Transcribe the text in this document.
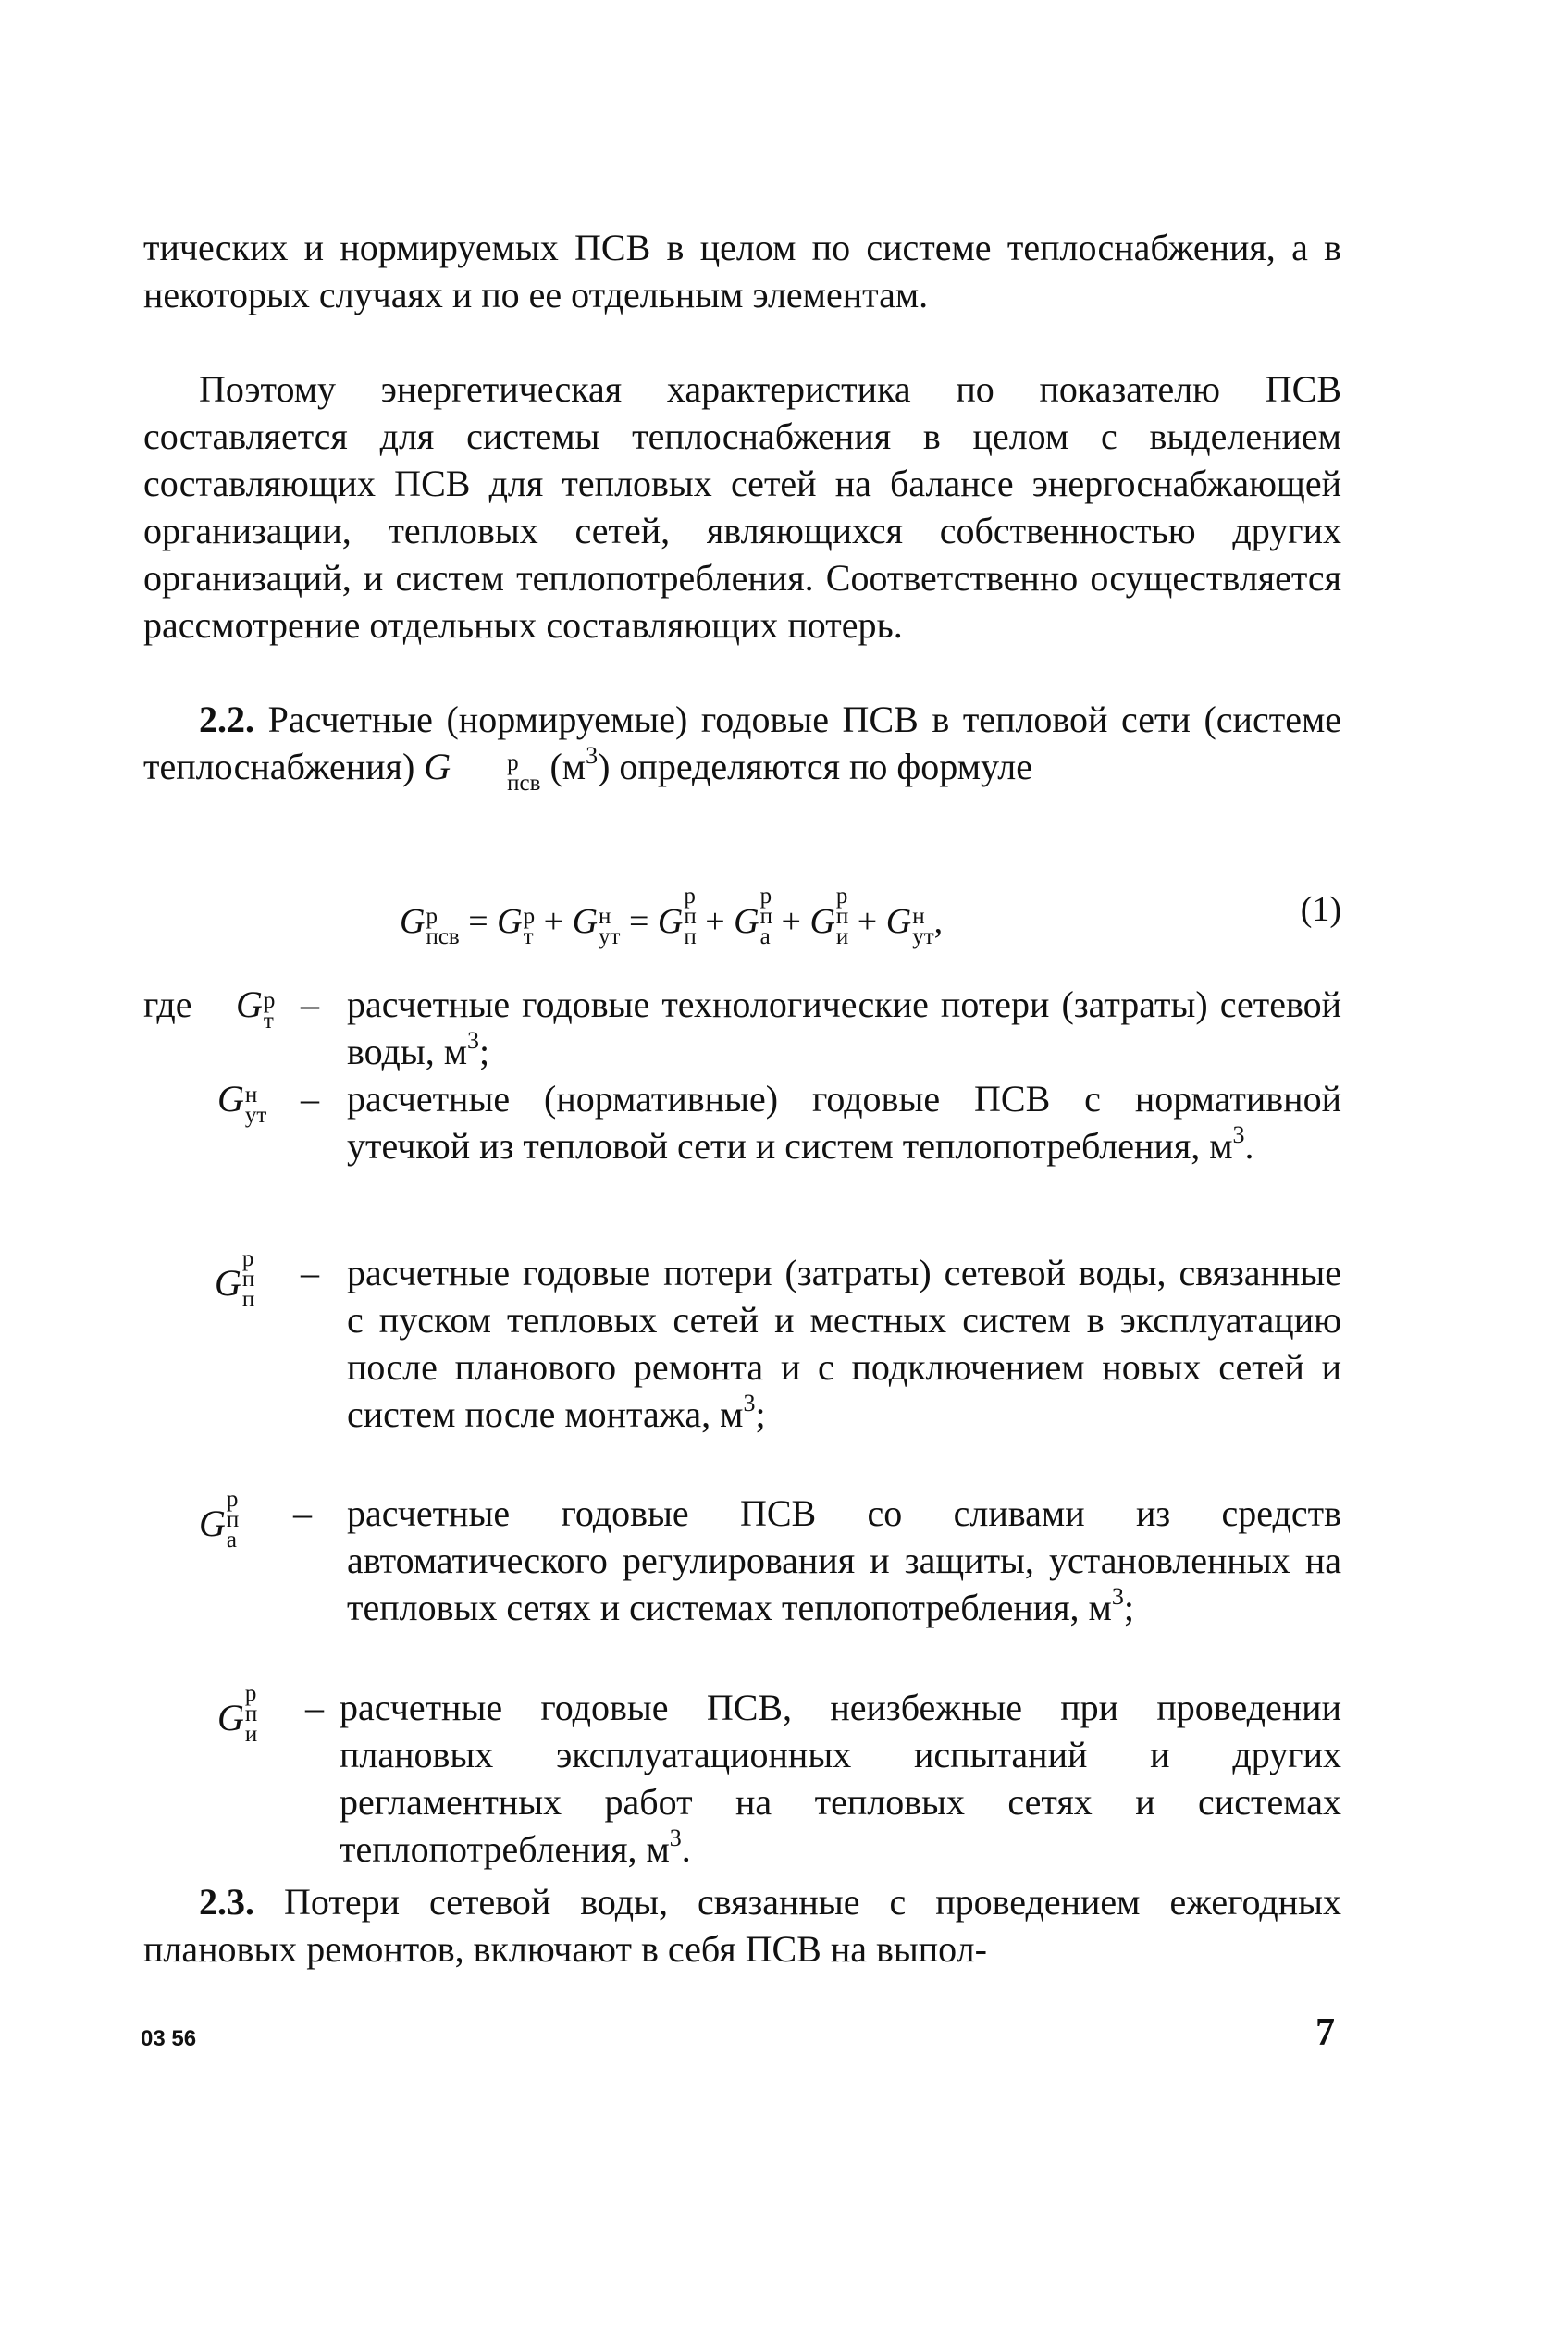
тических и нормируемых ПСВ в целом по системе теплоснабжения, а в некоторых случаях и по ее отдельным элементам.

Поэтому энергетическая характеристика по показателю ПСВ составляется для системы теплоснабжения в целом с выделением составляющих ПСВ для тепловых сетей на балансе энергоснабжающей организации, тепловых сетей, являющихся собственностью других организаций, и систем теплопотребления. Соответственно осуществляется рассмотрение отдельных составляющих потерь.

2.2. Расчетные (нормируемые) годовые ПСВ в тепловой сети (системе теплоснабжения) G	р
псв $(м^3)$ определяются по формуле

G р
псв = G р
т + G н
ут = G
р
п
п + G
р
п
а + G
р
п
и + G н
ут ,	(1)
где G р
т – расчетные годовые технологические потери (затраты) сетевой воды, $м^3$;
G н
ут – расчетные (нормативные) годовые ПСВ с нормативной утечкой из тепловой сети и систем теплопотребления, $м^3$.
G
р
п
п
– расчетные годовые потери (затраты) сетевой воды, связанные с пуском тепловых сетей и местных систем в эксплуатацию после планового ремонта и с подключением новых сетей и систем после монтажа, $м^3$;
G
р
п
а
– расчетные годовые ПСВ со сливами из средств автоматического регулирования и защиты, установленных на тепловых сетях и системах теплопотребления, $м^3$;
G
р
п
и
– расчетные годовые ПСВ, неизбежные при проведении плановых эксплуатационных испытаний и других регламентных работ на тепловых сетях и системах теплопотребления, $м^3$.

2.3. Потери сетевой воды, связанные с проведением ежегодных плановых ремонтов, включают в себя ПСВ на выпол-

03 56	7
